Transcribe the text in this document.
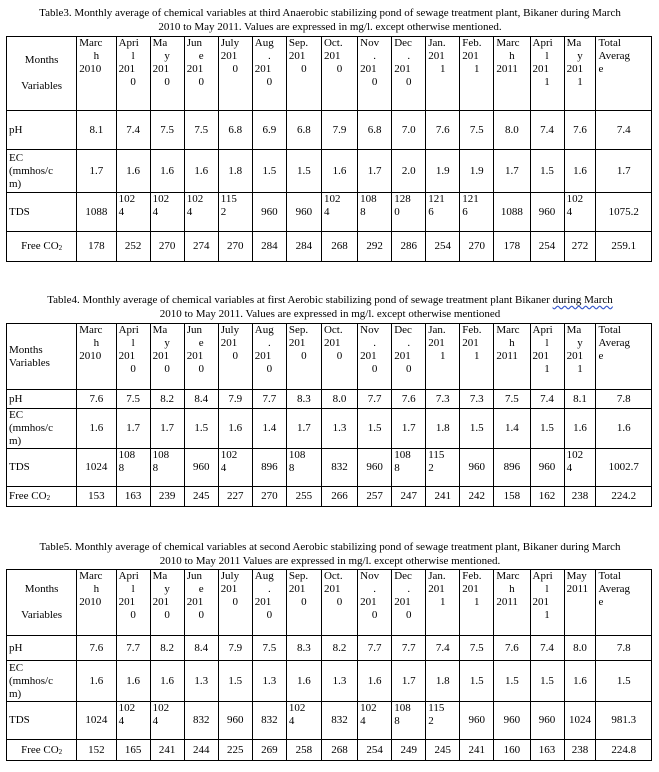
Table3. Monthly average of chemical variables at third Anaerobic stabilizing pond of sewage treatment plant, Bikaner during March
2010 to May 2011. Values are expressed in mg/l. except otherwise mentioned.
Months

Variables	Marc
h
2010	Apri
l
201
0	Ma
y
201
0	Jun
e
201
0	July
201
0	Aug
.
201
0	Sep.
201
0	Oct.
201
0	Nov
.
201
0	Dec
.
201
0	Jan.
201
1	Feb.
201
1	Marc
h
2011	Apri
l
201
1	Ma
y
201
1	Total
Averag
e

pH	8.1	7.4	7.5	7.5	6.8	6.9	6.8	7.9	6.8	7.0	7.6	7.5	8.0	7.4	7.6	7.4

EC
(mmhos/c
m)	1.7	1.6	1.6	1.6	1.8	1.5	1.5	1.6	1.7	2.0	1.9	1.9	1.7	1.5	1.6	1.7

TDS	1088	102
4	102
4	102
4	115
2	960	960	102
4	108
8	128
0	121
6	121
6	1088	960	102
4	1075.2

Free $CO_2$	178	252	270	274	270	284	284	268	292	286	254	270	178	254	272	259.1
Table4. Monthly average of chemical variables at first Aerobic stabilizing pond of sewage treatment plant Bikaner during March
2010 to May 2011. Values are expressed in mg/l. except otherwise mentioned
Months
Variables	Marc
h
2010	Apri
l
201
0	Ma
y
201
0	Jun
e
201
0	July
201
0	Aug
.
201
0	Sep.
201
0	Oct.
201
0	Nov
.
201
0	Dec
.
201
0	Jan.
201
1	Feb.
201
1	Marc
h
2011	Apri
l
201
1	Ma
y
201
1	Total
Averag
e

pH	7.6	7.5	8.2	8.4	7.9	7.7	8.3	8.0	7.7	7.6	7.3	7.3	7.5	7.4	8.1	7.8

EC
(mmhos/c
m)	1.6	1.7	1.7	1.5	1.6	1.4	1.7	1.3	1.5	1.7	1.8	1.5	1.4	1.5	1.6	1.6

TDS	1024	108
8	108
8	960	102
4	896	108
8	832	960	108
8	115
2	960	896	960	102
4	1002.7

Free $CO_2$	153	163	239	245	227	270	255	266	257	247	241	242	158	162	238	224.2
Table5. Monthly average of chemical variables at second Aerobic stabilizing pond of sewage treatment plant, Bikaner during March
2010 to May 2011 Values are expressed in mg/l. except otherwise mentioned.
Months

Variables	Marc
h
2010	Apri
l
201
0	Ma
y
201
0	Jun
e
201
0	July
201
0	Aug
.
201
0	Sep.
201
0	Oct.
201
0	Nov
.
201
0	Dec
.
201
0	Jan.
201
1	Feb.
201
1	Marc
h
2011	Apri
l
201
1	May
2011	Total
Averag
e

pH	7.6	7.7	8.2	8.4	7.9	7.5	8.3	8.2	7.7	7.7	7.4	7.5	7.6	7.4	8.0	7.8

EC
(mmhos/c
m)	1.6	1.6	1.6	1.3	1.5	1.3	1.6	1.3	1.6	1.7	1.8	1.5	1.5	1.5	1.6	1.5

TDS	1024	102
4	102
4	832	960	832	102
4	832	102
4	108
8	115
2	960	960	960	1024	981.3

Free $CO_2$	152	165	241	244	225	269	258	268	254	249	245	241	160	163	238	224.8
